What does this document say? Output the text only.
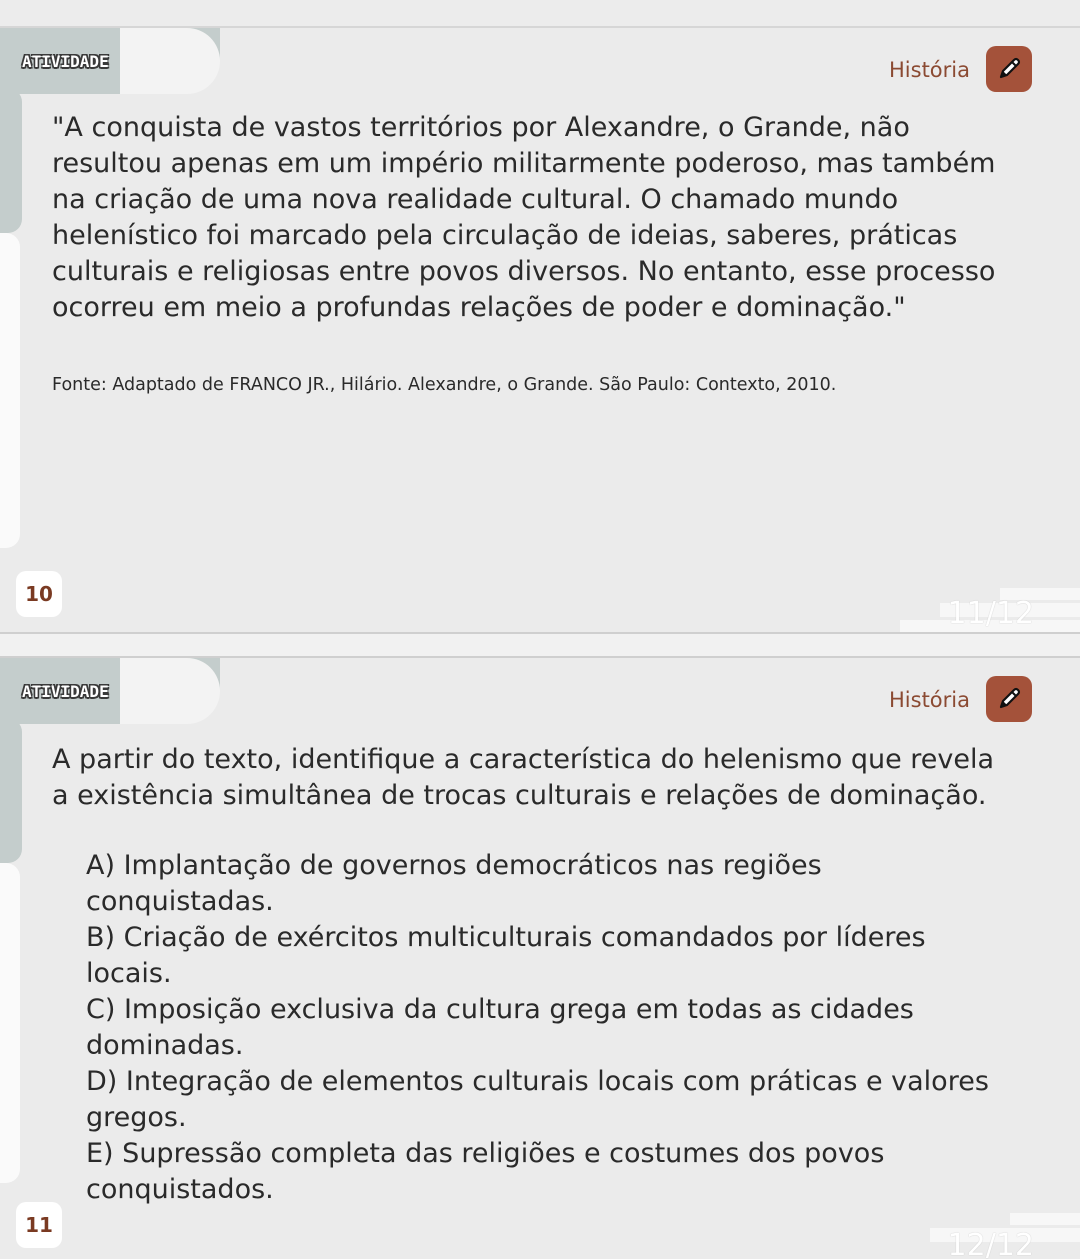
ATIVIDADE	História
"A conquista de vastos territórios por Alexandre, o Grande, não resultou apenas em um império militarmente poderoso, mas também na criação de uma nova realidade cultural. O chamado mundo helenístico foi marcado pela circulação de ideias, saberes, práticas culturais e religiosas entre povos diversos. No entanto, esse processo ocorreu em meio a profundas relações de poder e dominação."
Fonte: Adaptado de FRANCO JR., Hilário. Alexandre, o Grande. São Paulo: Contexto, 2010.
10
11/12
ATIVIDADE	História
A partir do texto, identifique a característica do helenismo que revela a existência simultânea de trocas culturais e relações de dominação.
A) Implantação de governos democráticos nas regiões conquistadas.
B) Criação de exércitos multiculturais comandados por líderes locais.
C) Imposição exclusiva da cultura grega em todas as cidades dominadas.
D) Integração de elementos culturais locais com práticas e valores gregos.
E) Supressão completa das religiões e costumes dos povos conquistados.
11
12/12
